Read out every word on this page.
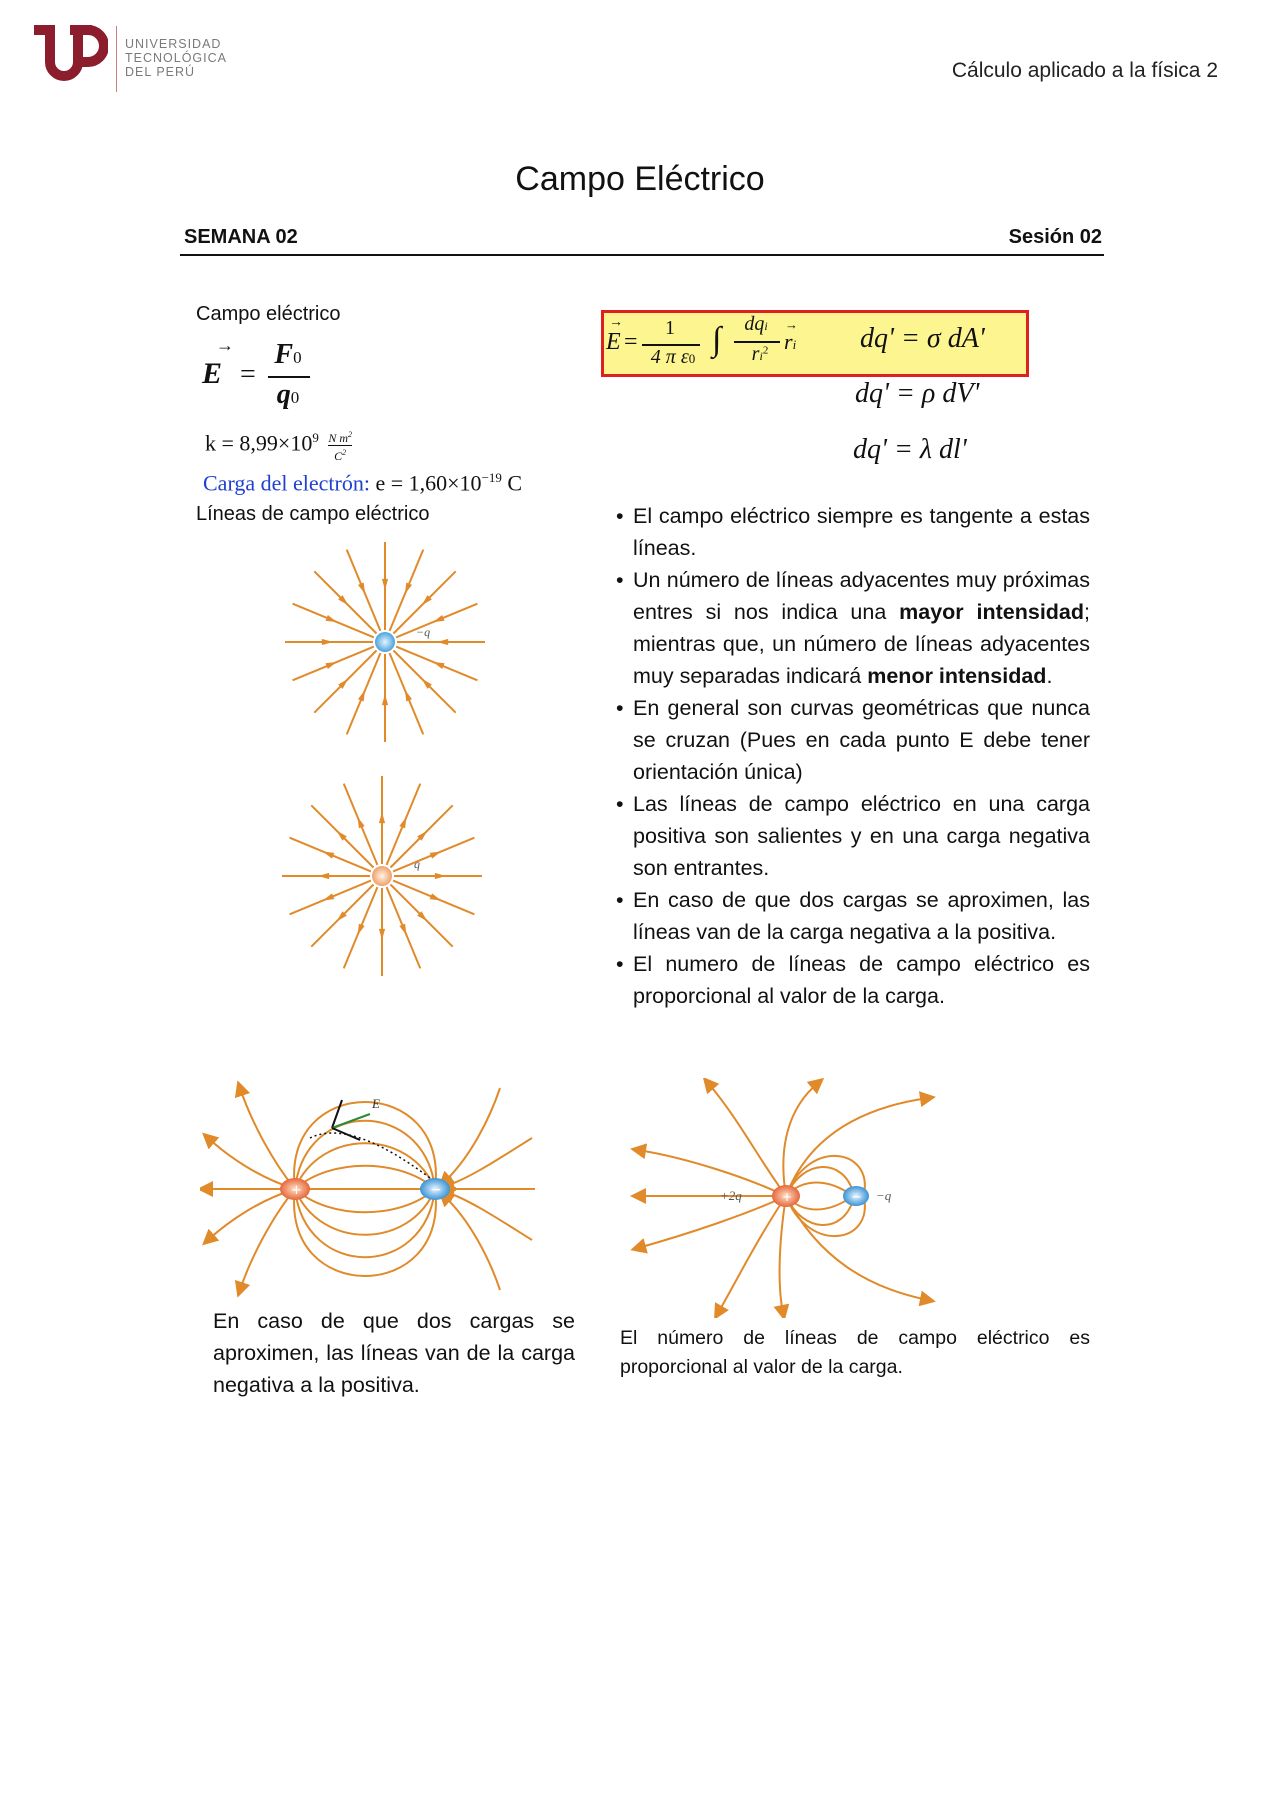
UNIVERSIDAD
TECNOLÓGICA
DEL PERÚ	Cálculo aplicado a la física 2
Campo Eléctrico
SEMANA 02	Sesión 02
Campo eléctrico
→
E =
F0
q0
$k = 8,99\times 10^9 \frac{N m^2}{C^2}$
Carga del electrón: $e = 1,60\times 10^{-19}$ C
Líneas de campo eléctrico
−q
q
→
E =
1
4 π ε0
∫	dqi
$ri^2$
→
ri dq' = σ dA'
dq' = ρ dV'
dq' = λ dl'
• El campo eléctrico siempre es tangente a estas líneas.
• Un número de líneas adyacentes muy próximas entres si nos indica una mayor intensidad; mientras que, un número de líneas adyacentes muy separadas indicará menor intensidad.
• En general son curvas geométricas que nunca se cruzan (Pues en cada punto E debe tener orientación única)
• Las líneas de campo eléctrico en una carga positiva son salientes y en una carga negativa son entrantes.
• En caso de que dos cargas se aproximen, las líneas van de la carga negativa a la positiva.
• El numero de líneas de campo eléctrico es proporcional al valor de la carga.
E
+	−	+	−
+2q	−q
En caso de que dos cargas se aproximen, las líneas van de la carga negativa a la positiva.
El número de líneas de campo eléctrico es proporcional al valor de la carga.
